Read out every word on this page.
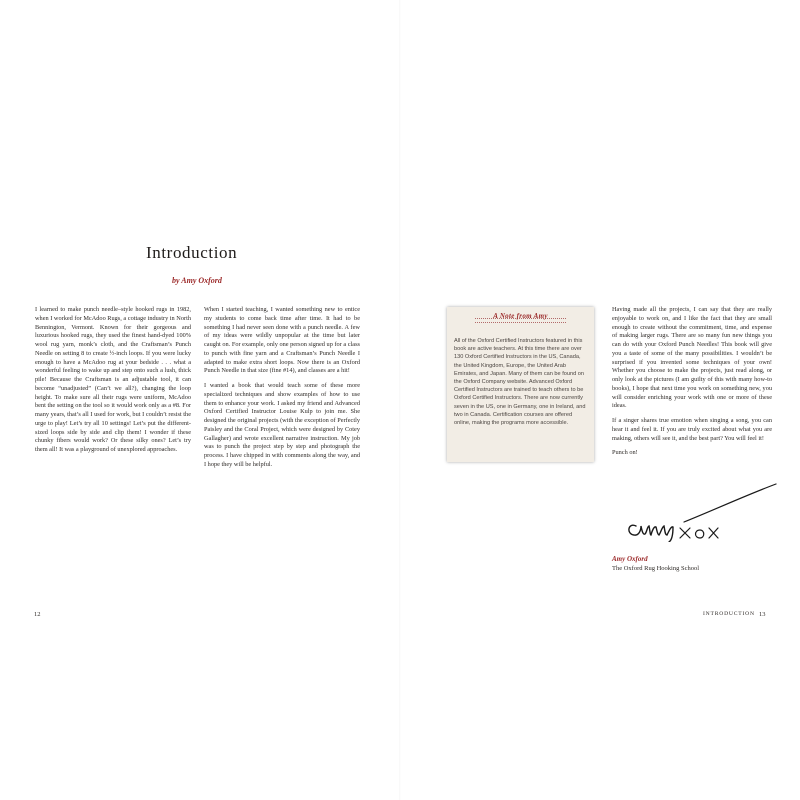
Introduction

by Amy Oxford

I learned to make punch needle–style hooked rugs in 1982, when I worked for McAdoo Rugs, a cottage industry in North Bennington, Vermont. Known for their gorgeous and luxurious hooked rugs, they used the finest hand-dyed 100% wool rug yarn, monk’s cloth, and the Craftsman’s Punch Needle on setting 8 to create ½-inch loops. If you were lucky enough to have a McAdoo rug at your bedside . . . what a wonderful feeling to wake up and step onto such a lush, thick pile! Because the Craftsman is an adjustable tool, it can become “unadjusted” (Can’t we all?), changing the loop height. To make sure all their rugs were uniform, McAdoo bent the setting on the tool so it would work only as a #8. For many years, that’s all I used for work, but I couldn’t resist the urge to play! Let’s try all 10 settings! Let’s put the different-sized loops side by side and clip them! I wonder if these chunky fibers would work? Or these silky ones? Let’s try them all! It was a playground of unexplored approaches.

When I started teaching, I wanted something new to entice my students to come back time after time. It had to be something I had never seen done with a punch needle. A few of my ideas were wildly unpopular at the time but later caught on. For example, only one person signed up for a class to punch with fine yarn and a Craftsman’s Punch Needle I adapted to make extra short loops. Now there is an Oxford Punch Needle in that size (fine #14), and classes are a hit!

I wanted a book that would teach some of these more specialized techniques and show examples of how to use them to enhance your work. I asked my friend and Advanced Oxford Certified Instructor Louise Kulp to join me. She designed the original projects (with the exception of Perfectly Paisley and the Coral Project, which were designed by Cotey Gallagher) and wrote excellent narrative instruction. My job was to punch the project step by step and photograph the process. I have chipped in with comments along the way, and I hope they will be helpful.

12
A Note from Amy

All of the Oxford Certified Instructors featured in this book are active teachers. At this time there are over 130 Oxford Certified Instructors in the US, Canada, the United Kingdom, Europe, the United Arab Emirates, and Japan. Many of them can be found on the Oxford Company website. Advanced Oxford Certified Instructors are trained to teach others to be Oxford Certified Instructors. There are now currently seven in the US, one in Germany, one in Ireland, and two in Canada. Certification courses are offered online, making the programs more accessible.

Having made all the projects, I can say that they are really enjoyable to work on, and I like the fact that they are small enough to create without the commitment, time, and expense of making larger rugs. There are so many fun new things you can do with your Oxford Punch Needles! This book will give you a taste of some of the many possibilities. I wouldn’t be surprised if you invented some techniques of your own! Whether you choose to make the projects, just read along, or only look at the pictures (I am guilty of this with many how-to books), I hope that next time you work on something new, you will consider enriching your work with one or more of these ideas.

If a singer shares true emotion when singing a song, you can hear it and feel it. If you are truly excited about what you are making, others will see it, and the best part? You will feel it!

Punch on!

Amy Oxford

The Oxford Rug Hooking School

INTRODUCTION 13
